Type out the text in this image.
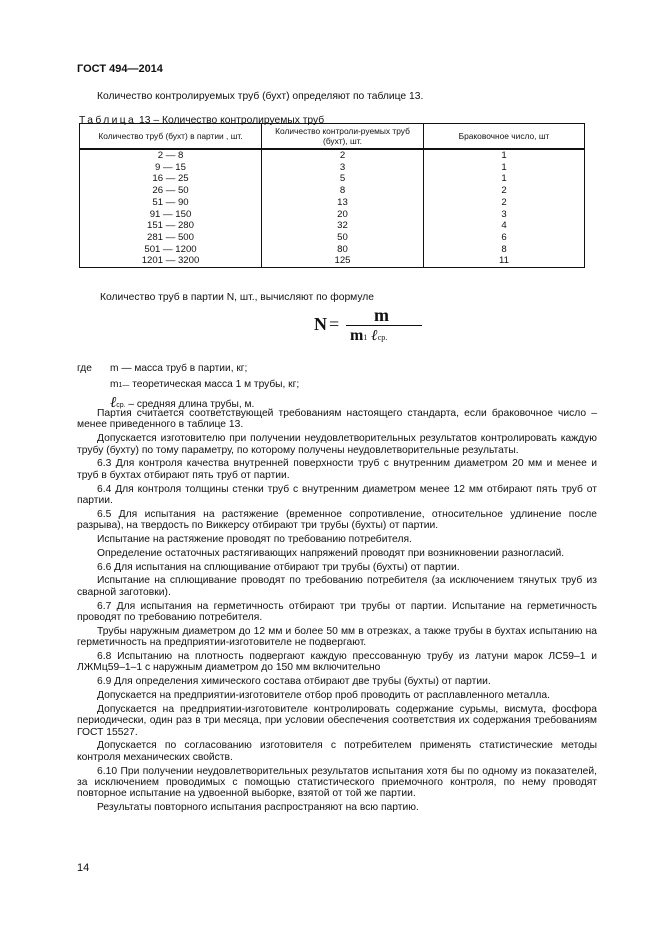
ГОСТ 494—2014
Количество контролируемых труб (бухт) определяют по таблице 13.
Таблица 13 – Количество контролируемых труб
Количество труб (бухт) в партии , шт.	Количество контроли-руемых труб (бухт), шт.	Браковочное число, шт
2 — 8	2	1
9 — 15	3	1
16 — 25	5	1
26 — 50	8	2
51 — 90	13	2
91 — 150	20	3
151 — 280	32	4
281 — 500	50	6
501 — 1200	80	8
1201 — 3200	125	11
Количество труб в партии N, шт., вычисляют по формуле
N = m
m1 ℓср.
где m — масса труб в партии, кг;
m1— теоретическая масса 1 м трубы, кг;
ℓср. – средняя длина трубы, м.

Партия считается соответствующей требованиям настоящего стандарта, если браковочное число – менее приведенного в таблице 13.

Допускается изготовителю при получении неудовлетворительных результатов контролировать каждую трубу (бухту) по тому параметру, по которому получены неудовлетворительные результаты.

6.3 Для контроля качества внутренней поверхности труб с внутренним диаметром 20 мм и менее и труб в бухтах отбирают пять труб от партии.

6.4 Для контроля толщины стенки труб с внутренним диаметром менее 12 мм отбирают пять труб от партии.

6.5 Для испытания на растяжение (временное сопротивление, относительное удлинение после разрыва), на твердость по Виккерсу отбирают три трубы (бухты) от партии.

Испытание на растяжение проводят по требованию потребителя.

Определение остаточных растягивающих напряжений проводят при возникновении разногласий.

6.6 Для испытания на сплющивание отбирают три трубы (бухты) от партии.

Испытание на сплющивание проводят по требованию потребителя (за исключением тянутых труб из сварной заготовки).

6.7 Для испытания на герметичность отбирают три трубы от партии. Испытание на герметичность проводят по требованию потребителя.

Трубы наружным диаметром до 12 мм и более 50 мм в отрезках, а также трубы в бухтах испытанию на герметичность на предприятии-изготовителе не подвергают.

6.8 Испытанию на плотность подвергают каждую прессованную трубу из латуни марок ЛС59–1 и ЛЖМц59–1–1 с наружным диаметром до 150 мм включительно

6.9 Для определения химического состава отбирают две трубы (бухты) от партии.

Допускается на предприятии-изготовителе отбор проб проводить от расплавленного металла.

Допускается на предприятии-изготовителе контролировать содержание сурьмы, висмута, фосфора периодически, один раз в три месяца, при условии обеспечения соответствия их содержания требованиям ГОСТ 15527.

Допускается по согласованию изготовителя с потребителем применять статистические методы контроля механических свойств.

6.10 При получении неудовлетворительных результатов испытания хотя бы по одному из показателей, за исключением проводимых с помощью статистического приемочного контроля, по нему проводят повторное испытание на удвоенной выборке, взятой от той же партии.

Результаты повторного испытания распространяют на всю партию.

14
